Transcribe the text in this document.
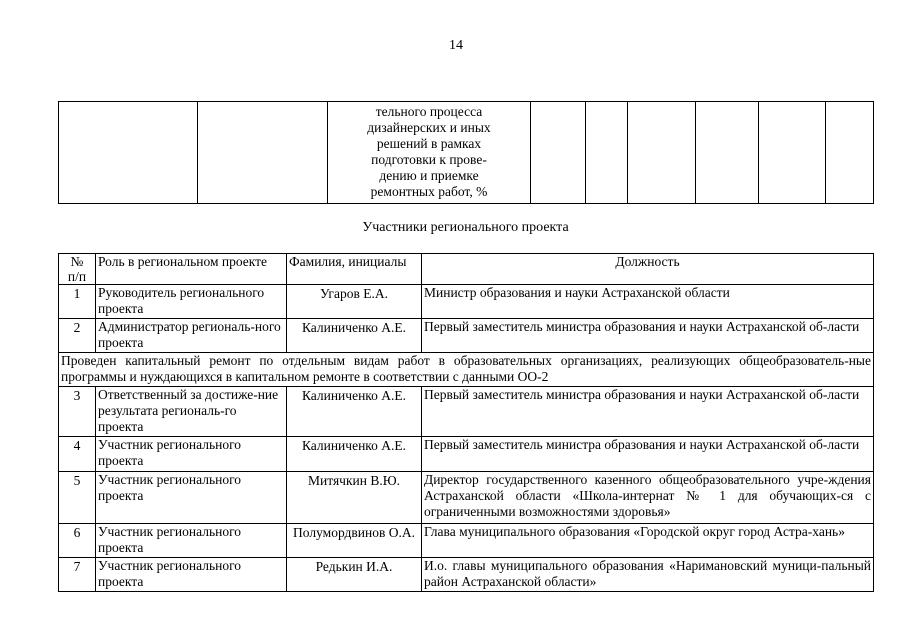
14

тельного процесса
дизайнерских и иных
решений в рамках
подготовки к прове-
дению и приемке
ремонтных работ, %

Участники регионального проекта
№
п/п	Роль в региональном проекте	Фамилия, инициалы	Должность
1	Руководитель регионального проекта	Угаров Е.А.	Министр образования и науки Астраханской области
2	Администратор региональ-ного проекта	Калиниченко А.Е.	Первый заместитель министра образования и науки Астраханской об-ласти
Проведен капитальный ремонт по отдельным видам работ в образовательных организациях, реализующих общеобразователь-ные программы и нуждающихся в капитальном ремонте в соответствии с данными ОО-2			
3	Ответственный за достиже-ние результата региональ-го проекта	Калиниченко А.Е.	Первый заместитель министра образования и науки Астраханской об-ласти
4	Участник регионального проекта	Калиниченко А.Е.	Первый заместитель министра образования и науки Астраханской об-ласти
5	Участник регионального проекта	Митячкин В.Ю.	Директор государственного казенного общеобразовательного учре-ждения Астраханской области «Школа-интернат № 1 для обучающих-ся с ограниченными возможностями здоровья»
6	Участник регионального проекта	Полумордвинов О.А.	Глава муниципального образования «Городской округ город Астра-хань»
7	Участник регионального проекта	Редькин И.А.	И.о. главы муниципального образования «Наримановский муници-пальный район Астраханской области»
